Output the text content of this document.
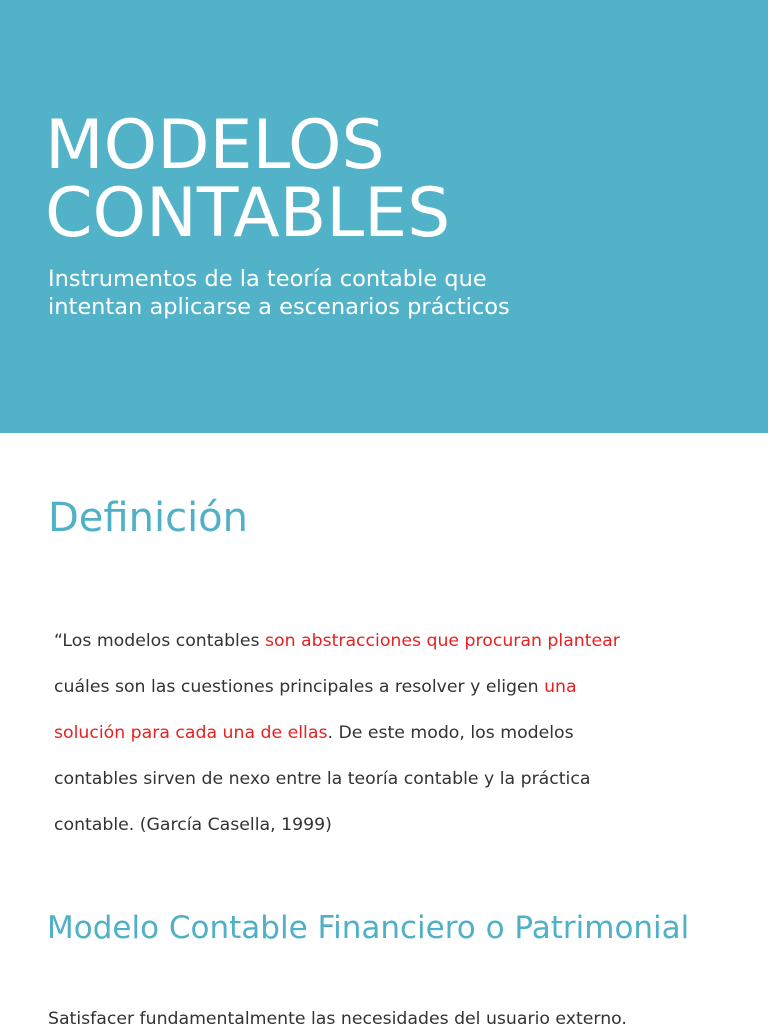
MODELOS
CONTABLES

Instrumentos de la teoría contable que
intentan aplicarse a escenarios prácticos

Definición

“Los modelos contables son abstracciones que procuran plantear
cuáles son las cuestiones principales a resolver y eligen una
solución para cada una de ellas. De este modo, los modelos
contables sirven de nexo entre la teoría contable y la práctica
contable. (García Casella, 1999)

Modelo Contable Financiero o Patrimonial

Satisfacer fundamentalmente las necesidades del usuario externo.
